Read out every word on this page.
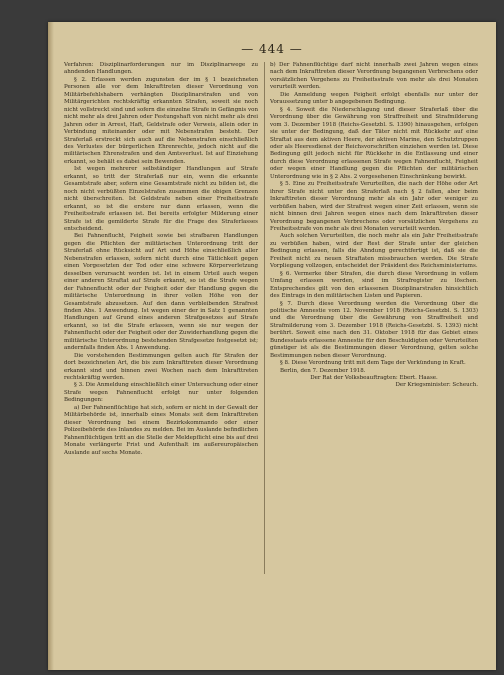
— 444 —

Verfahren: Disziplinarforderungen nur im Disziplinarwege zu ahndenden Handlungen.

§ 2. Erlassen werden zugunsten der im § 1 bezeichneten Personen alle vor dem Inkrafttreten dieser Verordnung von Militärbefehlshabern verhängten Disziplinarstrafen und von Militärgerichten rechtskräftig erkannten Strafen, soweit sie noch nicht vollstreckt sind und sofern die einzelne Strafe in Gefängnis von nicht mehr als drei Jahren oder Festungshaft von nicht mehr als drei Jahren oder in Arrest, Haft, Geldstrafe oder Verweis, allein oder in Verbindung miteinander oder mit Nebenstrafen besteht. Der Straferlaß erstreckt sich auch auf die Nebenstrafen einschließlich des Verlustes der bürgerlichen Ehrenrechte, jedoch nicht auf die militärischen Ehrenstrafen und den Amtsverlust. Ist auf Einziehung erkannt, so behält es dabei sein Bewenden.

Ist wegen mehrerer selbständiger Handlungen auf Strafe erkannt, so tritt der Straferlaß nur ein, wenn die erkannte Gesamtstrafe aber, sofern eine Gesamtstrafe nicht zu bilden ist, die noch nicht verbüßten Einzelstrafen zusammen die obigen Grenzen nicht überschreiten. Ist Geldstrafe neben einer Freiheitsstrafe erkannt, so ist die erstere nur dann erlassen, wenn die Freiheitsstrafe erlassen ist. Bei bereits erfolgter Milderung einer Strafe ist die gemilderte Strafe für die Frage des Straferlasses entscheidend.

Bei Fahnenflucht, Feigheit sowie bei strafbaren Handlungen gegen die Pflichten der militärischen Unterordnung tritt der Straferlaß ohne Rücksicht auf Art und Höhe einschließlich aller Nebenstrafen erlassen, sofern nicht durch eine Tätlichkeit gegen einen Vorgesetzten der Tod oder eine schwere Körperverletzung desselben verursacht worden ist. Ist in einem Urteil auch wegen einer anderen Straftat auf Strafe erkannt, so ist die Strafe wegen der Fahnenflucht oder der Feigheit oder der Handlung gegen die militärische Unterordnung in ihrer vollen Höhe von der Gesamtstrafe abzusetzen. Auf den dann verbleibenden Strafrest finden Abs. 1 Anwendung. Ist wegen einer der in Satz 1 genannten Handlungen auf Grund eines anderen Strafgesetzes auf Strafe erkannt, so ist die Strafe erlassen, wenn sie nur wegen der Fahnenflucht oder der Feigheit oder der Zuwiderhandlung gegen die militärische Unterordnung bestehenden Strafgesetze festgesetzt ist; andernfalls finden Abs. 1 Anwendung.

Die vorstehenden Bestimmungen gelten auch für Strafen der dort bezeichneten Art, die bis zum Inkrafttreten dieser Verordnung erkannt sind und binnen zwei Wochen nach dem Inkrafttreten rechtskräftig werden.

§ 3. Die Anmeldung einschließlich einer Untersuchung oder einer Strafe wegen Fahnenflucht erfolgt nur unter folgenden Bedingungen:

a) Der Fahnenflüchtige hat sich, sofern er nicht in der Gewalt der Militärbehörde ist, innerhalb eines Monats seit dem Inkrafttreten dieser Verordnung bei einem Bezirkskommando oder einer Polizeibehörde des Inlandes zu melden. Bei im Auslande befindlichen Fahnenflüchtigen tritt an die Stelle der Meldepflicht eine bis auf drei Monate verlängerte Frist und Aufenthalt im außereuropäischen Auslande auf sechs Monate.

b) Der Fahnenflüchtige darf nicht innerhalb zwei Jahren wegen eines nach dem Inkrafttreten dieser Verordnung begangenen Verbrechens oder vorsätzlichen Vergehens zu Freiheitsstrafe von mehr als drei Monaten verurteilt werden.

Die Anmeldung wegen Feigheit erfolgt ebenfalls nur unter der Voraussetzung unter b angegebenen Bedingung.

§ 4. Soweit die Niederschlagung und dieser Straferlaß über die Verordnung über die Gewährung von Straffreiheit und Strafmilderung vom 3. Dezember 1918 (Reichs-Gesetzbl. S. 1390) hinausgehen, erfolgen sie unter der Bedingung, daß der Täter nicht mit Rückkehr auf eine Straftat aus dem aktiven Heere, der aktiven Marine, den Schutztruppen oder als Heeresdienst der Reichsvorschriften einziehen werden ist. Diese Bedingung gilt jedoch nicht für Rückkehr in die Entlassung und einer durch diese Verordnung erlassenen Strafe wegen Fahnenflucht, Feigheit oder wegen einer Handlung gegen die Pflichten der militärischen Unterordnung wie in § 2 Abs. 2 vorgesehenen Einschränkung bewirkt.

§ 5. Eine zu Freiheitsstrafe Verurteilten, die nach der Höhe oder Art ihrer Strafe nicht unter den Straferlaß nach § 2 fallen, aber beim Inkrafttreten dieser Verordnung mehr als ein Jahr oder weniger zu verbüßen haben, wird der Strafrest wegen einer Zeit erlassen, wenn sie nicht binnen drei Jahren wegen eines nach dem Inkrafttreten dieser Verordnung begangenen Verbrechens oder vorsätzlichen Vergehens zu Freiheitsstrafe von mehr als drei Monaten verurteilt werden.

Auch solchen Verurteilten, die noch mehr als ein Jahr Freiheitsstrafe zu verbüßen haben, wird der Rest der Strafe unter der gleichen Bedingung erlassen, falls die Ahndung gerechtfertigt ist, daß sie die Freiheit nicht zu neuen Straftaten missbrauchen werden. Die Strafe Vorpliegung vollzogen, entscheidet der Präsident des Reichsministeriums.

§ 6. Vermerke über Strafen, die durch diese Verordnung in vollem Umfang erlassen werden, sind im Strafregister zu löschen. Entsprechendes gilt von den erlassenen Disziplinarstrafen hinsichtlich des Eintrags in den militärischen Listen und Papieren.

§ 7. Durch diese Verordnung werden die Verordnung über die politische Amnestie vom 12. November 1918 (Reichs-Gesetzbl. S. 1303) und die Verordnung über die Gewährung von Straffreiheit und Strafmilderung vom 3. Dezember 1918 (Reichs-Gesetzbl. S. 1393) nicht berührt. Soweit eine nach den 31. Oktober 1918 für das Gebiet eines Bundesstaats erlassene Amnestie für den Beschuldigten oder Verurteilten günstiger ist als die Bestimmungen dieser Verordnung, gelten solche Bestimmungen neben dieser Verordnung.

§ 8. Diese Verordnung tritt mit dem Tage der Verkündung in Kraft.

Berlin, den 7. Dezember 1918.

Der Rat der Volksbeauftragten: Ebert. Haase.

Der Kriegsminister: Scheuch.
